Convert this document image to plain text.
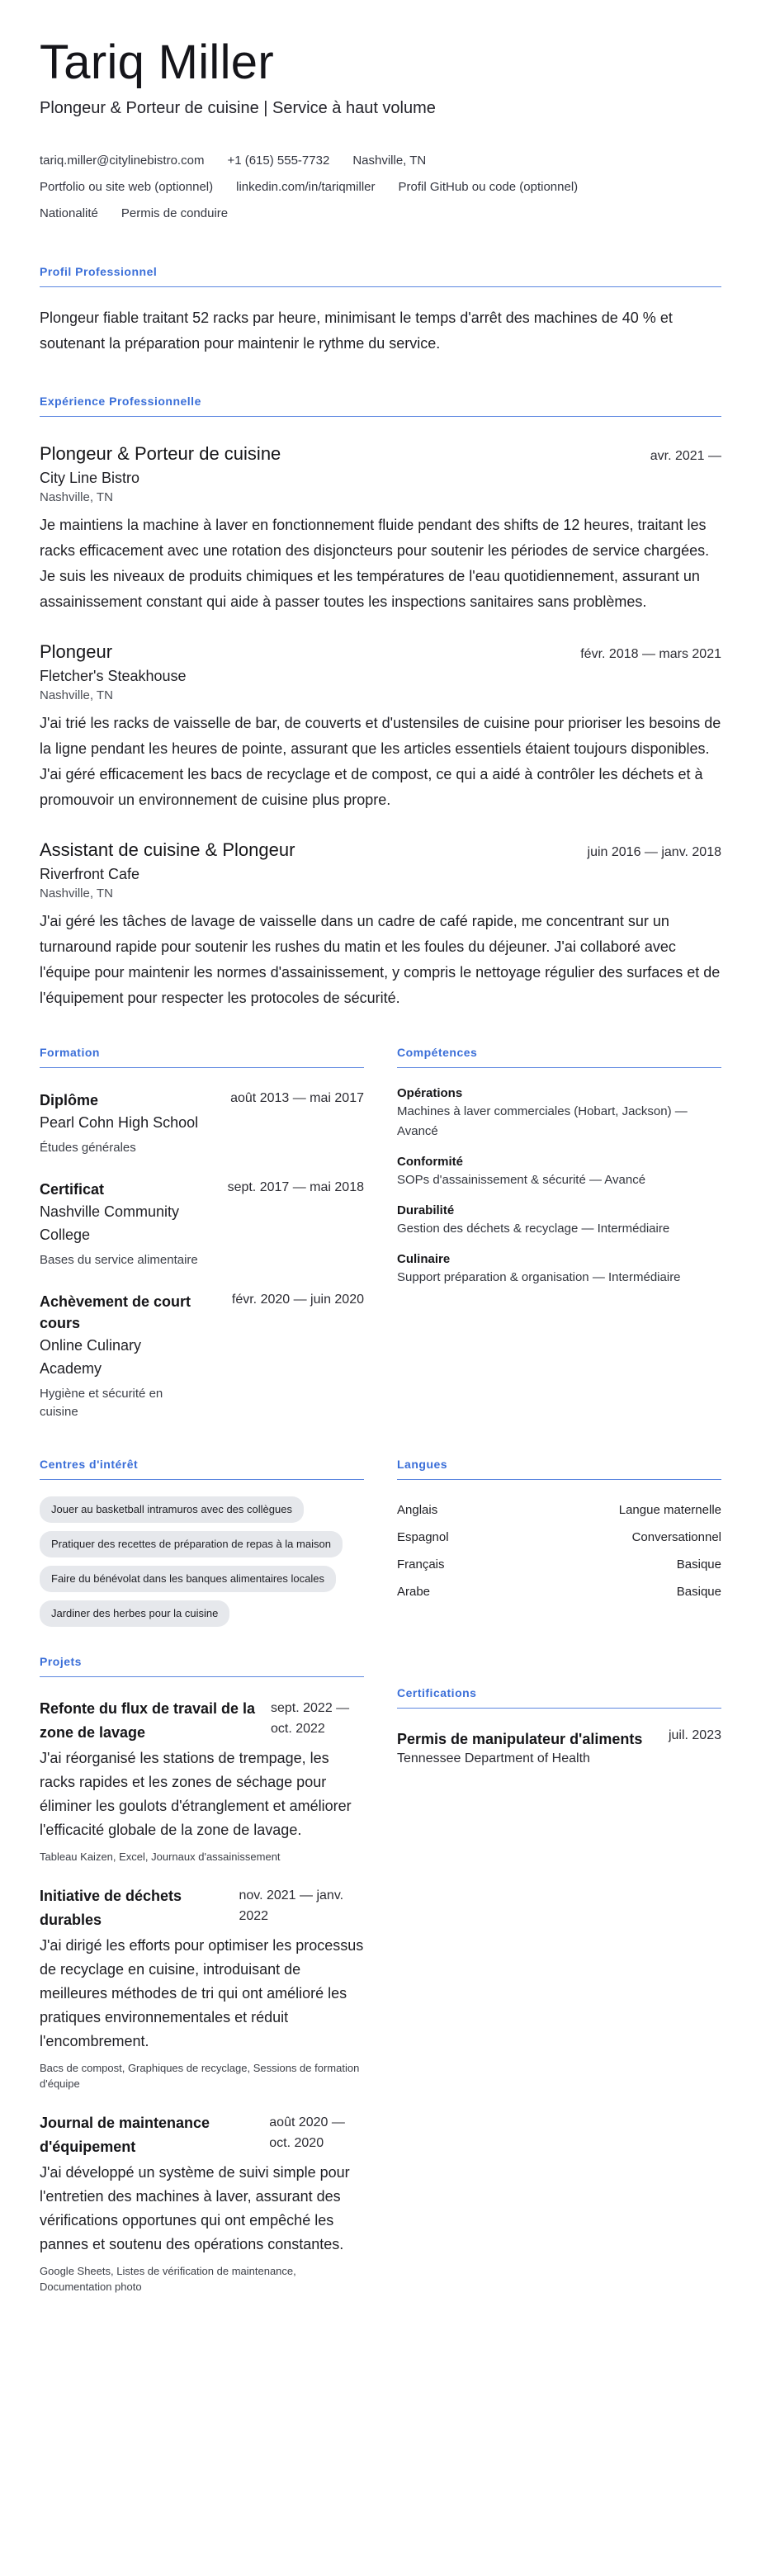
Tariq Miller
Plongeur & Porteur de cuisine | Service à haut volume
tariq.miller@citylinebistro.com +1 (615) 555-7732 Nashville, TN
Portfolio ou site web (optionnel) linkedin.com/in/tariqmiller Profil GitHub ou code (optionnel)
Nationalité Permis de conduire
Profil Professionnel

Plongeur fiable traitant 52 racks par heure, minimisant le temps d'arrêt des machines de 40 % et soutenant la préparation pour maintenir le rythme du service.

Expérience Professionnelle
Plongeur & Porteur de cuisine	avr. 2021 —
City Line Bistro
Nashville, TN

Je maintiens la machine à laver en fonctionnement fluide pendant des shifts de 12 heures, traitant les racks efficacement avec une rotation des disjoncteurs pour soutenir les périodes de service chargées. Je suis les niveaux de produits chimiques et les températures de l'eau quotidiennement, assurant un assainissement constant qui aide à passer toutes les inspections sanitaires sans problèmes.

Plongeur	févr. 2018 — mars 2021
Fletcher's Steakhouse
Nashville, TN

J'ai trié les racks de vaisselle de bar, de couverts et d'ustensiles de cuisine pour prioriser les besoins de la ligne pendant les heures de pointe, assurant que les articles essentiels étaient toujours disponibles. J'ai géré efficacement les bacs de recyclage et de compost, ce qui a aidé à contrôler les déchets et à promouvoir un environnement de cuisine plus propre.

Assistant de cuisine & Plongeur	juin 2016 — janv. 2018
Riverfront Cafe
Nashville, TN

J'ai géré les tâches de lavage de vaisselle dans un cadre de café rapide, me concentrant sur un turnaround rapide pour soutenir les rushes du matin et les foules du déjeuner. J'ai collaboré avec l'équipe pour maintenir les normes d'assainissement, y compris le nettoyage régulier des surfaces et de l'équipement pour respecter les protocoles de sécurité.

Formation
Diplôme
Pearl Cohn High School
août 2013 — mai 2017
Études générales
Certificat
Nashville Community College
sept. 2017 — mai 2018
Bases du service alimentaire
Achèvement de court cours
Online Culinary Academy
févr. 2020 — juin 2020
Hygiène et sécurité en cuisine
Compétences
Opérations
Machines à laver commerciales (Hobart, Jackson) — Avancé
Conformité
SOPs d'assainissement & sécurité — Avancé
Durabilité
Gestion des déchets & recyclage — Intermédiaire
Culinaire
Support préparation & organisation — Intermédiaire
Centres d'intérêt
Jouer au basketball intramuros avec des collègues
Pratiquer des recettes de préparation de repas à la maison
Faire du bénévolat dans les banques alimentaires locales
Jardiner des herbes pour la cuisine
Langues
Anglais	Langue maternelle
Espagnol	Conversationnel
Français	Basique
Arabe	Basique
Projets
Refonte du flux de travail de la zone de lavage
sept. 2022 — oct. 2022

J'ai réorganisé les stations de trempage, les racks rapides et les zones de séchage pour éliminer les goulots d'étranglement et améliorer l'efficacité globale de la zone de lavage.

Tableau Kaizen, Excel, Journaux d'assainissement
Initiative de déchets durables
nov. 2021 — janv. 2022

J'ai dirigé les efforts pour optimiser les processus de recyclage en cuisine, introduisant de meilleures méthodes de tri qui ont amélioré les pratiques environnementales et réduit l'encombrement.

Bacs de compost, Graphiques de recyclage, Sessions de formation d'équipe
Journal de maintenance d'équipement
août 2020 — oct. 2020

J'ai développé un système de suivi simple pour l'entretien des machines à laver, assurant des vérifications opportunes qui ont empêché les pannes et soutenu des opérations constantes.

Google Sheets, Listes de vérification de maintenance, Documentation photo
Certifications
Permis de manipulateur d'aliments juil. 2023
Tennessee Department of Health
